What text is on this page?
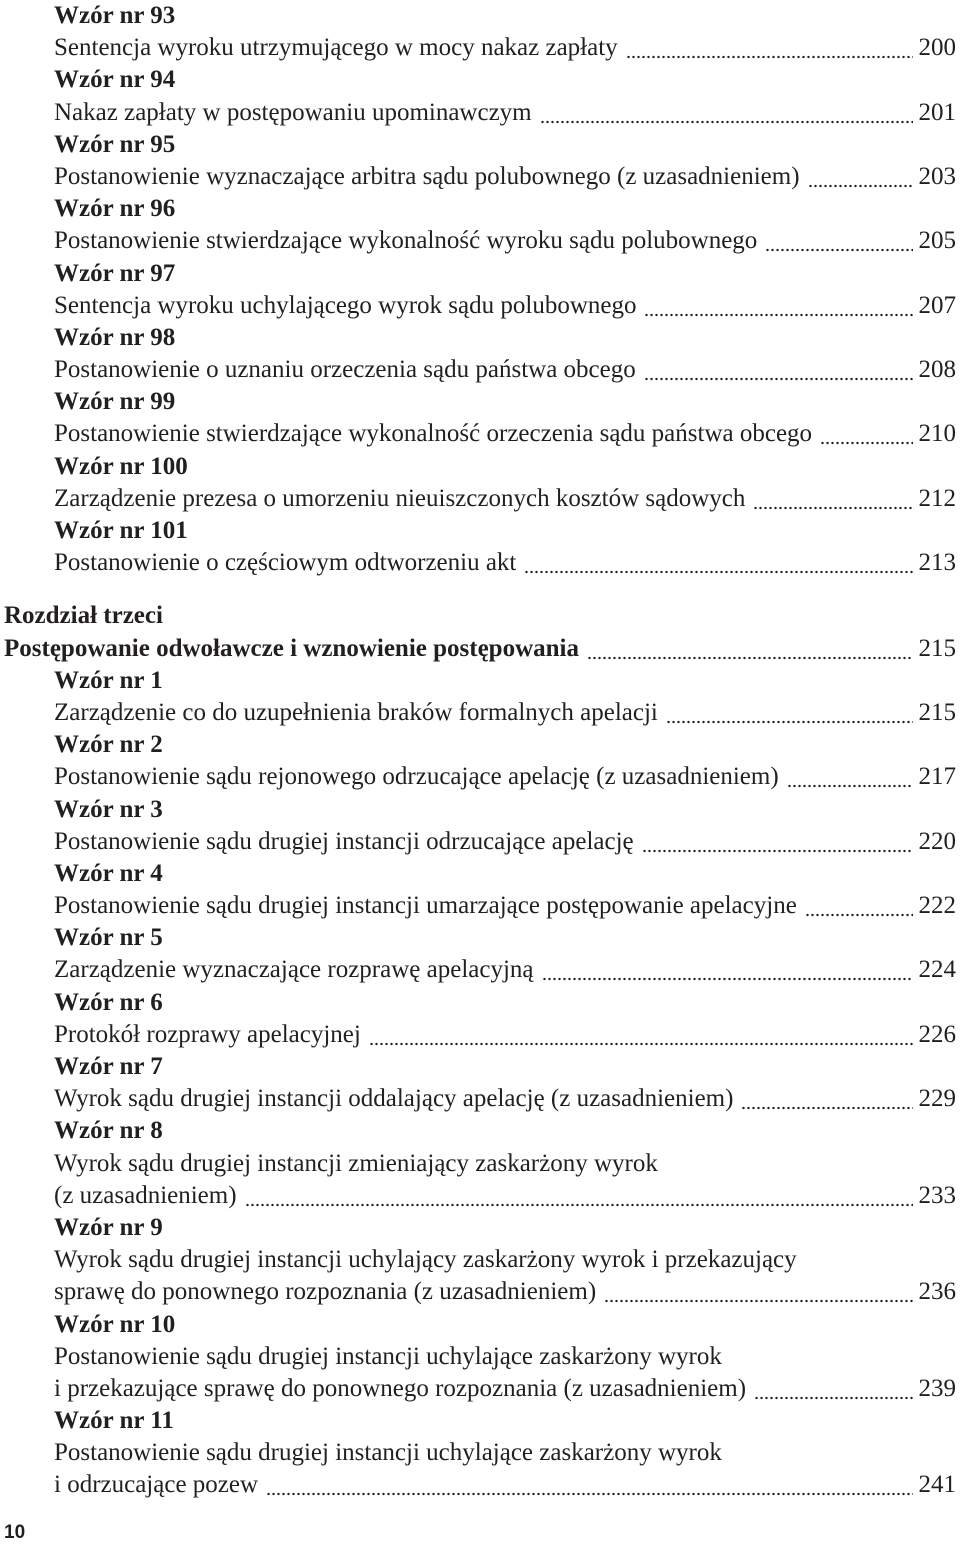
Wzór nr 93
Sentencja wyroku utrzymującego w mocy nakaz zapłaty	200
Wzór nr 94
Nakaz zapłaty w postępowaniu upominawczym	201
Wzór nr 95
Postanowienie wyznaczające arbitra sądu polubownego (z uzasadnieniem)	203
Wzór nr 96
Postanowienie stwierdzające wykonalność wyroku sądu polubownego	205
Wzór nr 97
Sentencja wyroku uchylającego wyrok sądu polubownego	207
Wzór nr 98
Postanowienie o uznaniu orzeczenia sądu państwa obcego	208
Wzór nr 99
Postanowienie stwierdzające wykonalność orzeczenia sądu państwa obcego	210
Wzór nr 100
Zarządzenie prezesa o umorzeniu nieuiszczonych kosztów sądowych	212
Wzór nr 101
Postanowienie o częściowym odtworzeniu akt	213
Rozdział trzeci
Postępowanie odwoławcze i wznowienie postępowania	215
Wzór nr 1
Zarządzenie co do uzupełnienia braków formalnych apelacji	215
Wzór nr 2
Postanowienie sądu rejonowego odrzucające apelację (z uzasadnieniem)	217
Wzór nr 3
Postanowienie sądu drugiej instancji odrzucające apelację	220
Wzór nr 4
Postanowienie sądu drugiej instancji umarzające postępowanie apelacyjne	222
Wzór nr 5
Zarządzenie wyznaczające rozprawę apelacyjną	224
Wzór nr 6
Protokół rozprawy apelacyjnej	226
Wzór nr 7
Wyrok sądu drugiej instancji oddalający apelację (z uzasadnieniem)	229
Wzór nr 8
Wyrok sądu drugiej instancji zmieniający zaskarżony wyrok
(z uzasadnieniem)	233
Wzór nr 9
Wyrok sądu drugiej instancji uchylający zaskarżony wyrok i przekazujący
sprawę do ponownego rozpoznania (z uzasadnieniem)	236
Wzór nr 10
Postanowienie sądu drugiej instancji uchylające zaskarżony wyrok
i przekazujące sprawę do ponownego rozpoznania (z uzasadnieniem)	239
Wzór nr 11
Postanowienie sądu drugiej instancji uchylające zaskarżony wyrok
i odrzucające pozew	241
10
